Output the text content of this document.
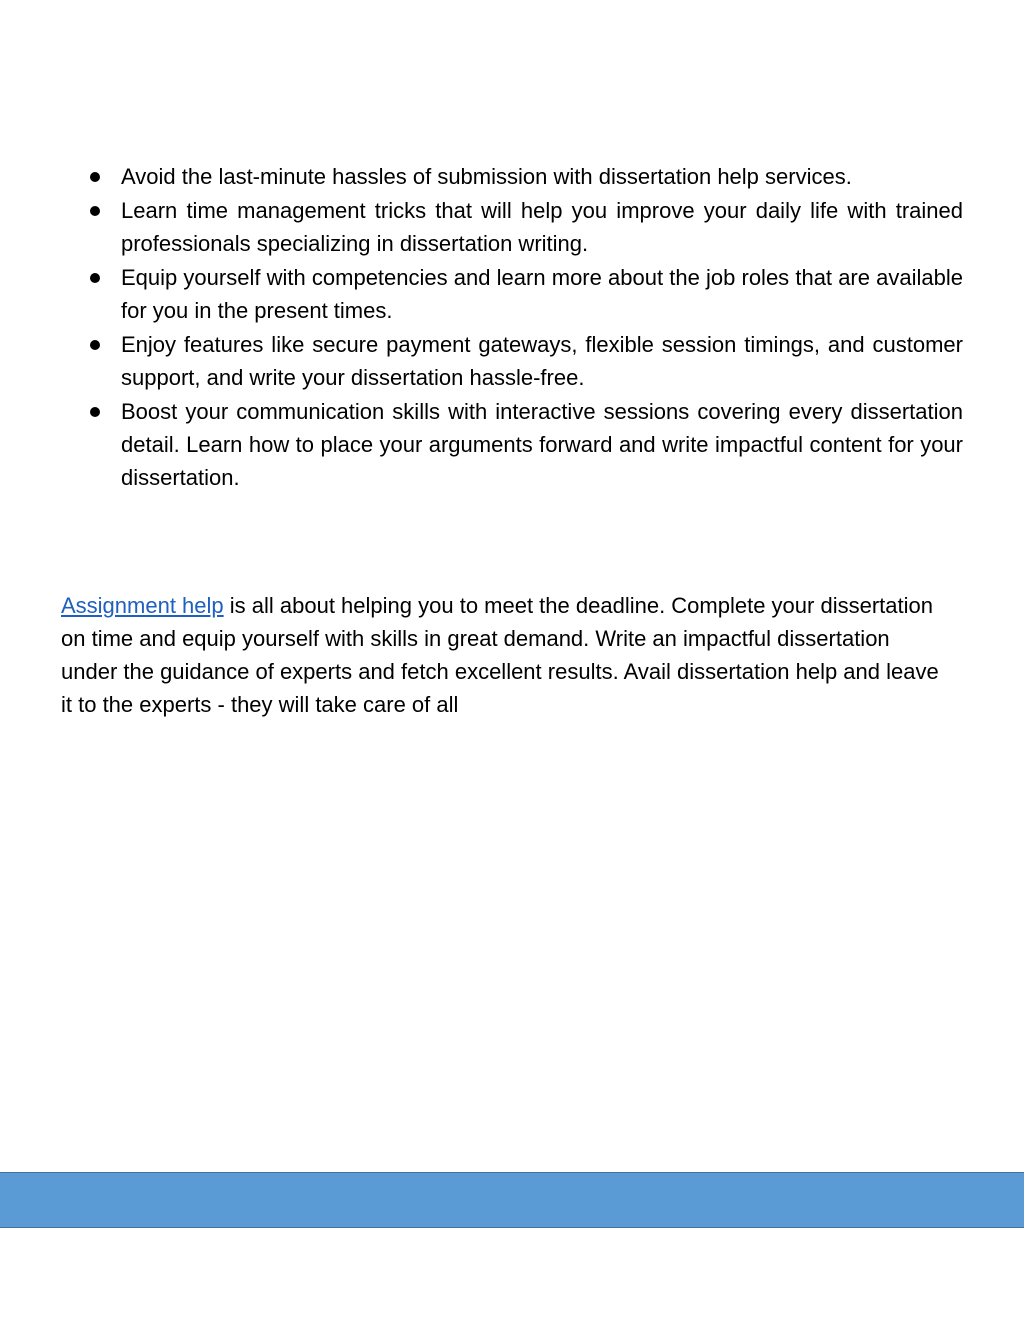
Avoid the last-minute hassles of submission with dissertation help services.
Learn time management tricks that will help you improve your daily life with trained professionals specializing in dissertation writing.
Equip yourself with competencies and learn more about the job roles that are available for you in the present times.
Enjoy features like secure payment gateways, flexible session timings, and customer support, and write your dissertation hassle-free.
Boost your communication skills with interactive sessions covering every dissertation detail. Learn how to place your arguments forward and write impactful content for your dissertation.

Assignment help is all about helping you to meet the deadline. Complete your dissertation on time and equip yourself with skills in great demand. Write an impactful dissertation under the guidance of experts and fetch excellent results. Avail dissertation help and leave it to the experts - they will take care of all
